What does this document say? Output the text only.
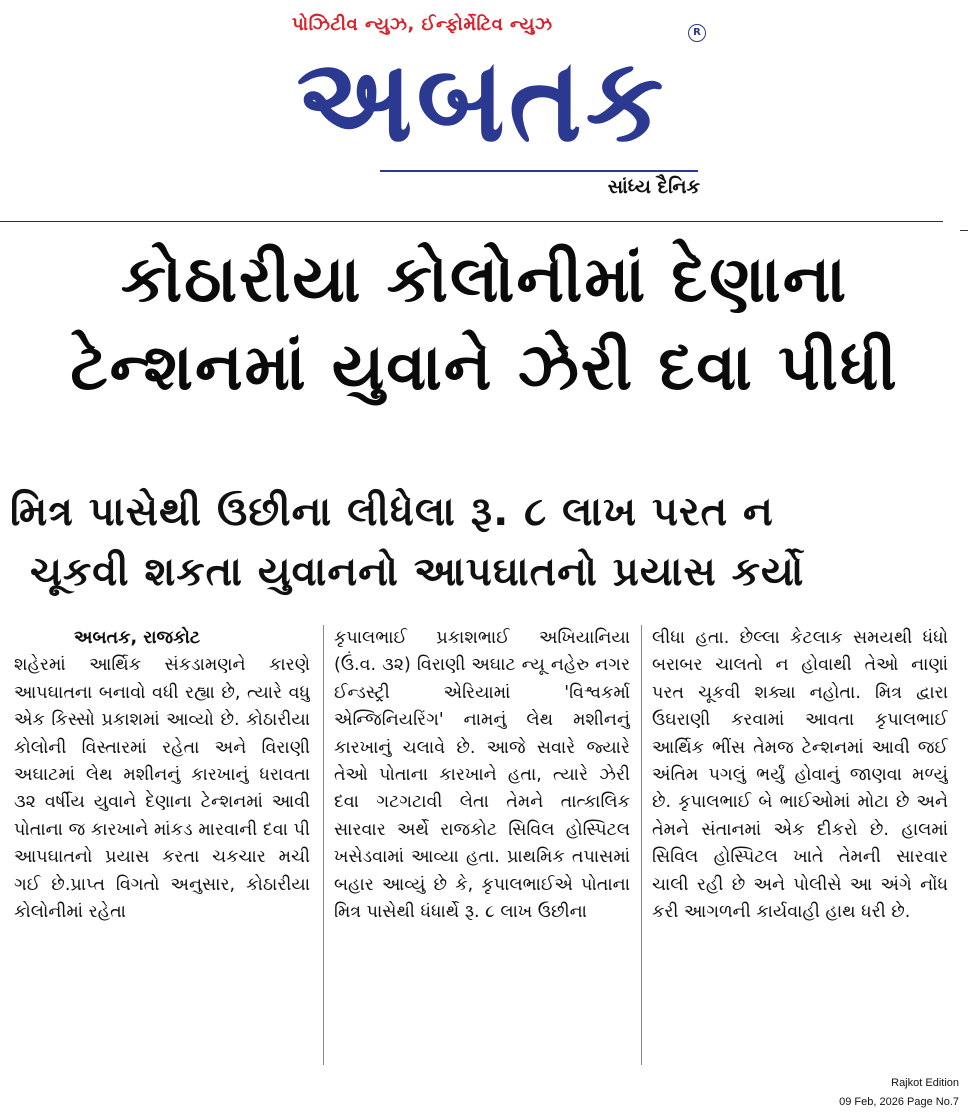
પોઝિટીવ ન્યુઝ, ઈન્ફોર્મેટિવ ન્યુઝ
અબતક
R
સાંધ્ય દૈનિક
કોઠારીયા કોલોનીમાં દેણાના
ટેન્શનમાં યુવાને ઝેરી દવા પીધી
મિત્ર પાસેથી ઉછીના લીધેલા રૂ. ૮ લાખ પરત ન
ચૂકવી શકતા યુવાનનો આપઘાતનો પ્રયાસ કર્યો
અબતક, રાજકોટ
શહેરમાં આર્થિક સંકડામણને કારણે આપઘાતના બનાવો વધી રહ્યા છે, ત્યારે વધુ એક કિસ્સો પ્રકાશમાં આવ્યો છે. કોઠારીયા કોલોની વિસ્તારમાં રહેતા અને વિરાણી અઘાટમાં લેથ મશીનનું કારખાનું ધરાવતા ૩૨ વર્ષીય યુવાને દેણાના ટેન્શનમાં આવી પોતાના જ કારખાને માંકડ મારવાની દવા પી આપઘાતનો પ્રયાસ કરતા ચકચાર મચી ગઈ છે.પ્રાપ્ત વિગતો અનુસાર, કોઠારીયા કોલોનીમાં રહેતા
કૃપાલભાઈ પ્રકાશભાઈ અખિયાનિયા (ઉં.વ. ૩૨) વિરાણી અઘાટ ન્યૂ નહેરુ નગર ઈન્ડસ્ટ્રી એરિયામાં 'વિશ્વકર્મા એન્જિનિયરિંગ' નામનું લેથ મશીનનું કારખાનું ચલાવે છે. આજે સવારે જ્યારે તેઓ પોતાના કારખાને હતા, ત્યારે ઝેરી દવા ગટગટાવી લેતા તેમને તાત્કાલિક સારવાર અર્થે રાજકોટ સિવિલ હોસ્પિટલ ખસેડવામાં આવ્યા હતા. પ્રાથમિક તપાસમાં બહાર આવ્યું છે કે, કૃપાલભાઈએ પોતાના મિત્ર પાસેથી ધંધાર્થે રૂ. ૮ લાખ ઉછીના
લીધા હતા. છેલ્લા કેટલાક સમયથી ધંધો બરાબર ચાલતો ન હોવાથી તેઓ નાણાં પરત ચૂકવી શક્યા નહોતા. મિત્ર દ્વારા ઉઘરાણી કરવામાં આવતા કૃપાલભાઈ આર્થિક ભીંસ તેમજ ટેન્શનમાં આવી જઈ અંતિમ પગલું ભર્યું હોવાનું જાણવા મળ્યું છે. કૃપાલભાઈ બે ભાઈઓમાં મોટા છે અને તેમને સંતાનમાં એક દીકરો છે. હાલમાં સિવિલ હોસ્પિટલ ખાતે તેમની સારવાર ચાલી રહી છે અને પોલીસે આ અંગે નોંધ કરી આગળની કાર્યવાહી હાથ ધરી છે.
Rajkot Edition
09 Feb, 2026 Page No.7
